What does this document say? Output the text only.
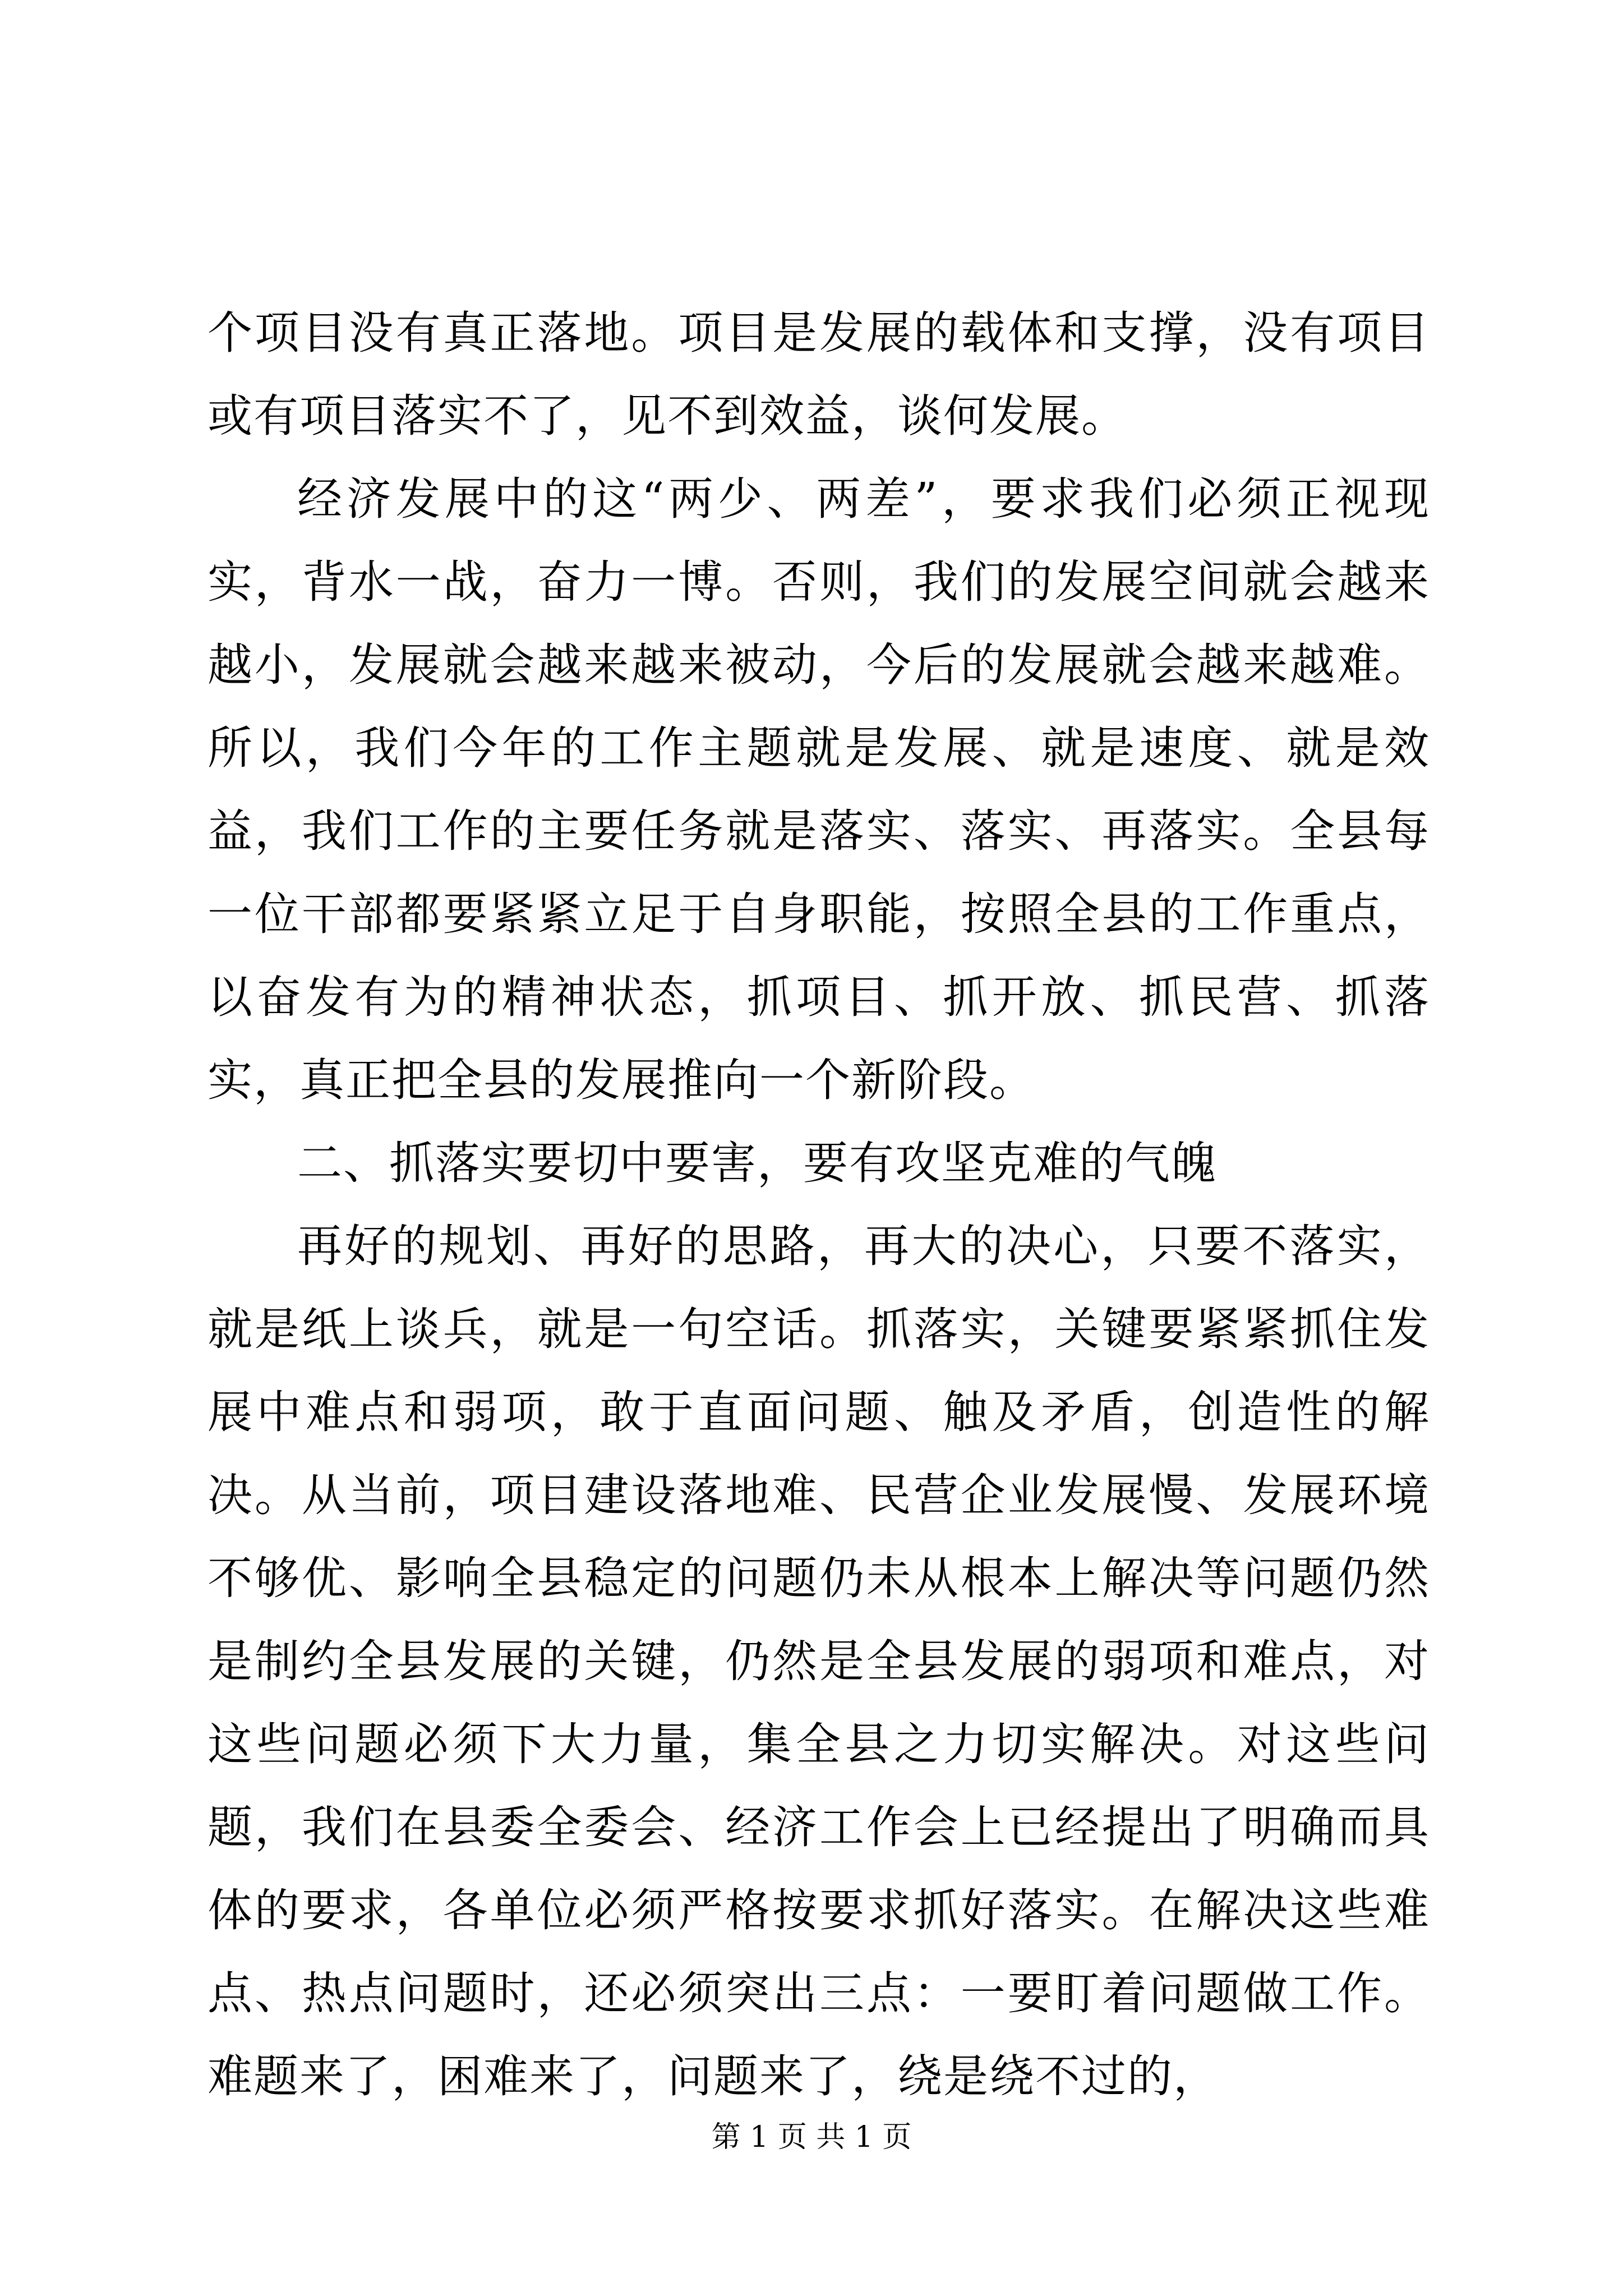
个项目没有真正落地。项目是发展的载体和支撑，没有项目或有项目落实不了，见不到效益，谈何发展。

经济发展中的这“两少、两差”，要求我们必须正视现实，背水一战，奋力一博。否则，我们的发展空间就会越来越小，发展就会越来越来被动，今后的发展就会越来越难。所以，我们今年的工作主题就是发展、就是速度、就是效益，我们工作的主要任务就是落实、落实、再落实。全县每一位干部都要紧紧立足于自身职能，按照全县的工作重点，以奋发有为的精神状态，抓项目、抓开放、抓民营、抓落实，真正把全县的发展推向一个新阶段。

二、抓落实要切中要害，要有攻坚克难的气魄

再好的规划、再好的思路，再大的决心，只要不落实，就是纸上谈兵，就是一句空话。抓落实，关键要紧紧抓住发展中难点和弱项，敢于直面问题、触及矛盾，创造性的解决。从当前，项目建设落地难、民营企业发展慢、发展环境不够优、影响全县稳定的问题仍未从根本上解决等问题仍然是制约全县发展的关键，仍然是全县发展的弱项和难点，对这些问题必须下大力量，集全县之力切实解决。对这些问题，我们在县委全委会、经济工作会上已经提出了明确而具体的要求，各单位必须严格按要求抓好落实。在解决这些难点、热点问题时，还必须突出三点：一要盯着问题做工作。难题来了，困难来了，问题来了，绕是绕不过的，

第 1 页 共 1 页
